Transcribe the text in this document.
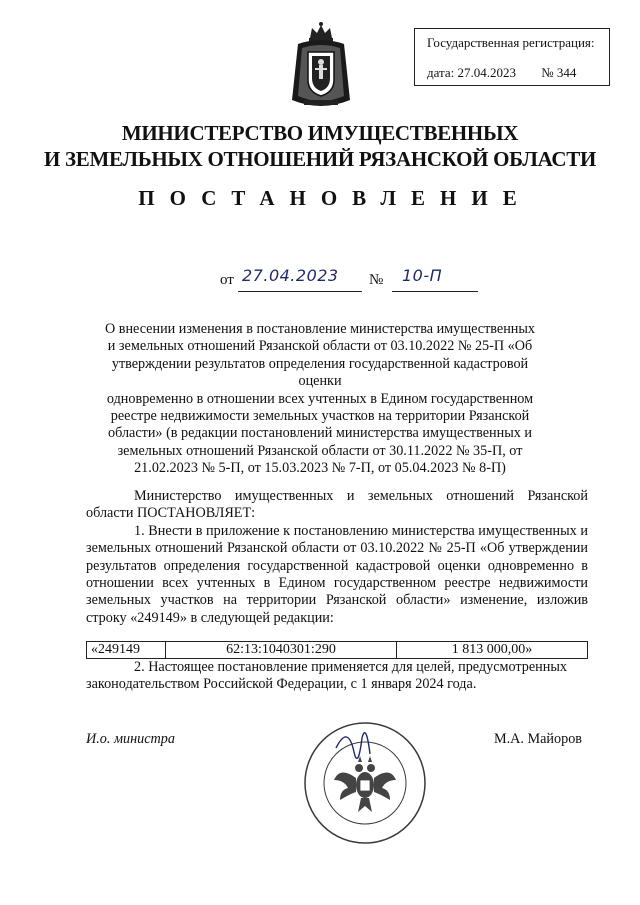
Государственная регистрация:
дата: 27.04.2023 № 344
МИНИСТЕРСТВО ИМУЩЕСТВЕННЫХ
И ЗЕМЕЛЬНЫХ ОТНОШЕНИЙ РЯЗАНСКОЙ ОБЛАСТИ
ПОСТАНОВЛЕНИЕ
от 27.04.2023 № 10-П
О внесении изменения в постановление министерства имущественных
и земельных отношений Рязанской области от 03.10.2022 № 25-П «Об
утверждении результатов определения государственной кадастровой оценки
одновременно в отношении всех учтенных в Едином государственном
реестре недвижимости земельных участков на территории Рязанской
области» (в редакции постановлений министерства имущественных и
земельных отношений Рязанской области от 30.11.2022 № 35-П, от
21.02.2023 № 5-П, от 15.03.2023 № 7-П, от 05.04.2023 № 8-П)

Министерство имущественных и земельных отношений Рязанской области ПОСТАНОВЛЯЕТ:

1. Внести в приложение к постановлению министерства имущественных и земельных отношений Рязанской области от 03.10.2022 № 25-П «Об утверждении результатов определения государственной кадастровой оценки одновременно в отношении всех учтенных в Едином государственном реестре недвижимости земельных участков на территории Рязанской области» изменение, изложив строку «249149» в следующей редакции:

«249149	62:13:1040301:290	1 813 000,00»

2. Настоящее постановление применяется для целей, предусмотренных законодательством Российской Федерации, с 1 января 2024 года.

И.о. министра	М.А. Майоров
